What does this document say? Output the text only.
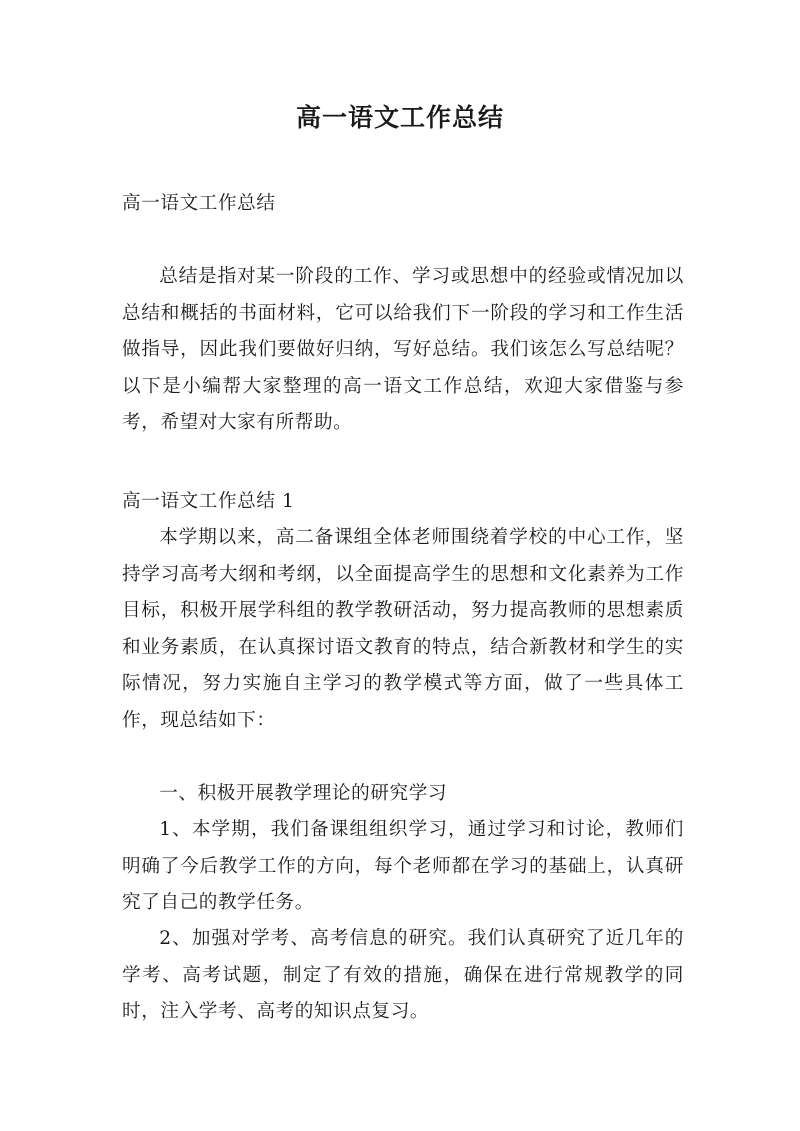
高一语文工作总结

高一语文工作总结

总结是指对某一阶段的工作、学习或思想中的经验或情况加以总结和概括的书面材料，它可以给我们下一阶段的学习和工作生活做指导，因此我们要做好归纳，写好总结。我们该怎么写总结呢？以下是小编帮大家整理的高一语文工作总结，欢迎大家借鉴与参考，希望对大家有所帮助。

高一语文工作总结 1

本学期以来，高二备课组全体老师围绕着学校的中心工作，坚持学习高考大纲和考纲，以全面提高学生的思想和文化素养为工作目标，积极开展学科组的教学教研活动，努力提高教师的思想素质和业务素质，在认真探讨语文教育的特点，结合新教材和学生的实际情况，努力实施自主学习的教学模式等方面，做了一些具体工作，现总结如下：

一、积极开展教学理论的研究学习

1、本学期，我们备课组组织学习，通过学习和讨论，教师们明确了今后教学工作的方向，每个老师都在学习的基础上，认真研究了自己的教学任务。

2、加强对学考、高考信息的研究。我们认真研究了近几年的学考、高考试题，制定了有效的措施，确保在进行常规教学的同时，注入学考、高考的知识点复习。
